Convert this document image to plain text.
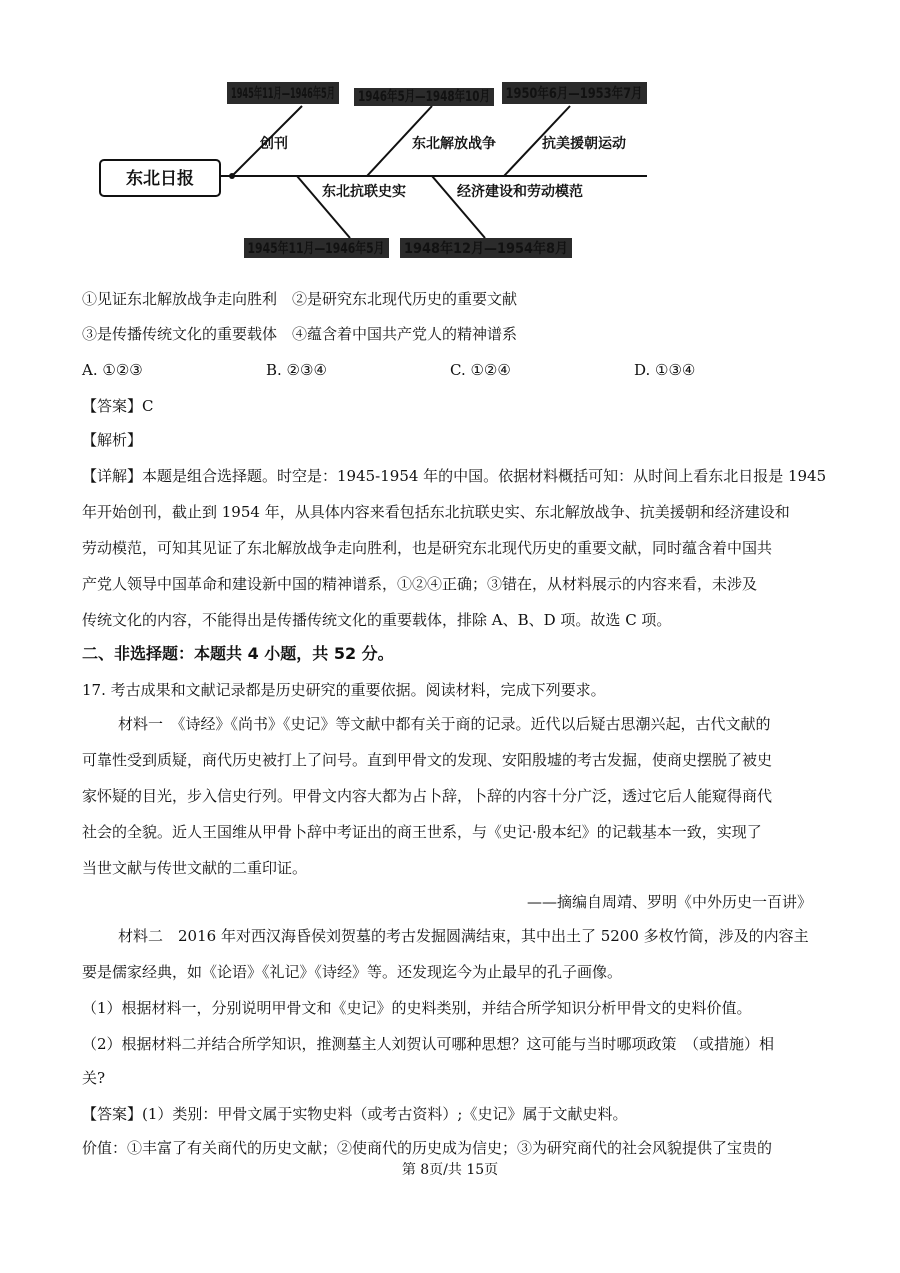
东北日报
1945年11月—1946年5月
1946年5月—1948年10月
1950年6月—1953年7月
1945年11月—1946年5月
1948年12月—1954年8月
创刊	东北解放战争	抗美援朝运动
东北抗联史实	经济建设和劳动模范
①见证东北解放战争走向胜利　②是研究东北现代历史的重要文献
③是传播传统文化的重要载体　④蕴含着中国共产党人的精神谱系
A. ①②③	B. ②③④	C. ①②④	D. ①③④
【答案】C
【解析】
【详解】本题是组合选择题。时空是：1945-1954 年的中国。依据材料概括可知：从时间上看东北日报是 1945
年开始创刊，截止到 1954 年，从具体内容来看包括东北抗联史实、东北解放战争、抗美援朝和经济建设和
劳动模范，可知其见证了东北解放战争走向胜利，也是研究东北现代历史的重要文献，同时蕴含着中国共
产党人领导中国革命和建设新中国的精神谱系，①②④正确；③错在，从材料展示的内容来看，未涉及
传统文化的内容，不能得出是传播传统文化的重要载体，排除 A、B、D 项。故选 C 项。
二、非选择题：本题共 4 小题，共 52 分。
17. 考古成果和文献记录都是历史研究的重要依据。阅读材料，完成下列要求。
材料一　《诗经》《尚书》《史记》等文献中都有关于商的记录。近代以后疑古思潮兴起，古代文献的
可靠性受到质疑，商代历史被打上了问号。直到甲骨文的发现、安阳殷墟的考古发掘，使商史摆脱了被史
家怀疑的目光，步入信史行列。甲骨文内容大都为占卜辞，卜辞的内容十分广泛，透过它后人能窥得商代
社会的全貌。近人王国维从甲骨卜辞中考证出的商王世系，与《史记·殷本纪》的记载基本一致，实现了
当世文献与传世文献的二重印证。
——摘编自周靖、罗明《中外历史一百讲》
材料二　2016 年对西汉海昏侯刘贺墓的考古发掘圆满结束，其中出土了 5200 多枚竹简，涉及的内容主
要是儒家经典，如《论语》《礼记》《诗经》等。还发现迄今为止最早的孔子画像。
（1）根据材料一，分别说明甲骨文和《史记》的史料类别，并结合所学知识分析甲骨文的史料价值。
（2）根据材料二并结合所学知识，推测墓主人刘贺认可哪种思想？这可能与当时哪项政策　（或措施）相
关?
【答案】(1）类别：甲骨文属于实物史料（或考古资料）;《史记》属于文献史料。
价值：①丰富了有关商代的历史文献；②使商代的历史成为信史；③为研究商代的社会风貌提供了宝贵的
第 8页/共 15页
